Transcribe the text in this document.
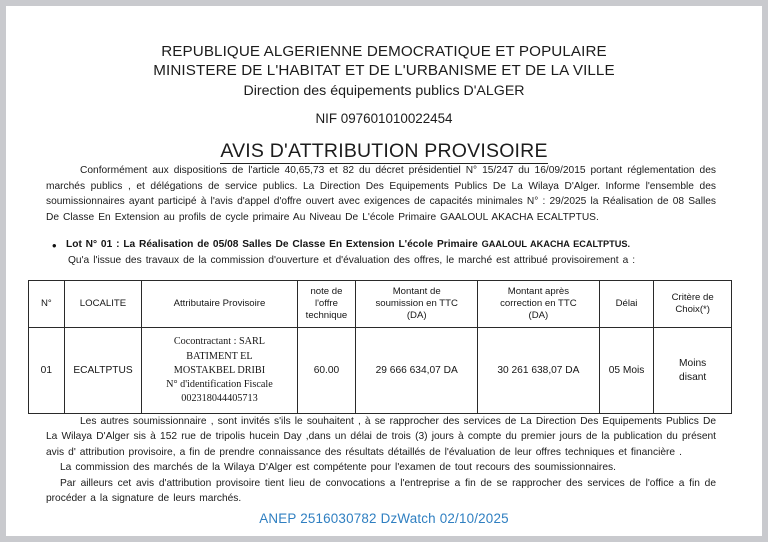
REPUBLIQUE ALGERIENNE DEMOCRATIQUE ET POPULAIRE
MINISTERE DE L'HABITAT ET DE L'URBANISME ET DE LA VILLE
Direction des équipements publics D'ALGER
NIF 097601010022454
AVIS D'ATTRIBUTION PROVISOIRE

Conformément aux dispositions de l'article 40,65,73 et 82 du décret présidentiel N° 15/247 du 16/09/2015 portant réglementation des marchés publics , et délégations de service publics. La Direction Des Equipements Publics De La Wilaya D'Alger. Informe l'ensemble des soumissionnaires ayant participé à l'avis d'appel d'offre ouvert avec exigences de capacités minimales N° : 29/2025 la Réalisation de 08 Salles De Classe En Extension au profils de cycle primaire Au Niveau De L'école Primaire GAALOUL AKACHA ECALTPTUS.

• Lot N° 01 : La Réalisation de 05/08 Salles De Classe En Extension L'école Primaire GAALOUL AKACHA ECALTPTUS.

Qu'a l'issue des travaux de la commission d'ouverture et d'évaluation des offres, le marché est attribué provisoirement a :

N°	LOCALITE	Attributaire Provisoire	note de
l'offre
technique	Montant de
soumission en TTC
(DA)	Montant après
correction en TTC
(DA)	Délai	Critère de
Choix(*)
01	ECALTPTUS	Cocontractant : SARL
BATIMENT EL
MOSTAKBEL DRIBI
N° d'identification Fiscale
002318044405713	60.00	29 666 634,07 DA	30 261 638,07 DA	05 Mois	Moins
disant

Les autres soumissionnaire , sont invités s'ils le souhaitent , à se rapprocher des services de La Direction Des Equipements Publics De La Wilaya D'Alger sis à 152 rue de tripolis hucein Day ,dans un délai de trois (3) jours à compte du premier jours de la publication du présent avis d' attribution provisoire, a fin de prendre connaissance des résultats détaillés de l'évaluation de leur offres techniques et financière .

La commission des marchés de la Wilaya D'Alger est compétente pour l'examen de tout recours des soumissionnaires.

Par ailleurs cet avis d'attribution provisoire tient lieu de convocations a l'entreprise a fin de se rapprocher des services de l'office a fin de procéder a la signature de leurs marchés.

ANEP 2516030782 DzWatch 02/10/2025
